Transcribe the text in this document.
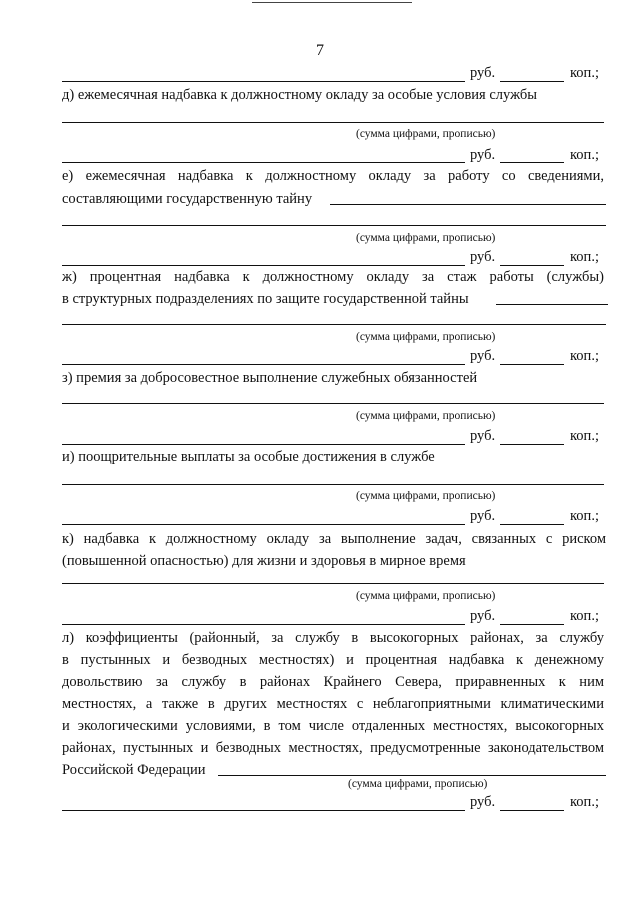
7
руб.	коп.;
д) ежемесячная надбавка к должностному окладу за особые условия службы
(сумма цифрами, прописью)
руб.	коп.;
е) ежемесячная надбавка к должностному окладу за работу со сведениями,
составляющими государственную тайну
(сумма цифрами, прописью)
руб.	коп.;
ж) процентная надбавка к должностному окладу за стаж работы (службы)
в структурных подразделениях по защите государственной тайны
(сумма цифрами, прописью)
руб.	коп.;
з) премия за добросовестное выполнение служебных обязанностей
(сумма цифрами, прописью)
руб.	коп.;
и) поощрительные выплаты за особые достижения в службе
(сумма цифрами, прописью)
руб.	коп.;
к) надбавка к должностному окладу за выполнение задач, связанных с риском
(повышенной опасностью) для жизни и здоровья в мирное время
(сумма цифрами, прописью)
руб.	коп.;
л) коэффициенты (районный, за службу в высокогорных районах, за службу
в пустынных и безводных местностях) и процентная надбавка к денежному
довольствию за службу в районах Крайнего Севера, приравненных к ним
местностях, а также в других местностях с неблагоприятными климатическими
и экологическими условиями, в том числе отдаленных местностях, высокогорных
районах, пустынных и безводных местностях, предусмотренные законодательством
Российской Федерации
(сумма цифрами, прописью)
руб.	коп.;
